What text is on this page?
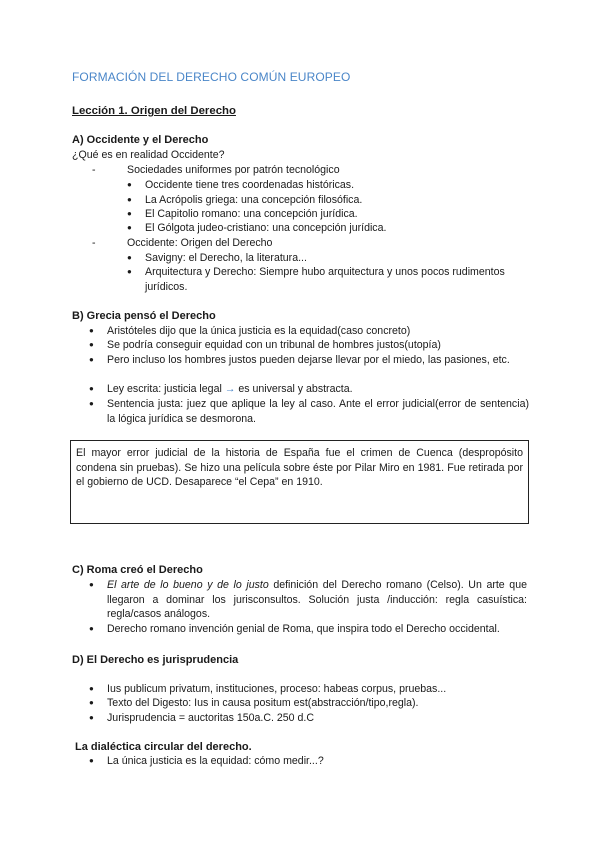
FORMACIÓN DEL DERECHO COMÚN EUROPEO
Lección 1. Origen del Derecho
A) Occidente y el Derecho
¿Qué es en realidad Occidente?
-	Sociedades uniformes por patrón tecnológico
●	Occidente tiene tres coordenadas históricas.
●	La Acrópolis griega: una concepción filosófica.
●	El Capitolio romano: una concepción jurídica.
●	El Gólgota judeo-cristiano: una concepción jurídica.
-	Occidente: Origen del Derecho
●	Savigny: el Derecho, la literatura...
●	Arquitectura y Derecho: Siempre hubo arquitectura y unos pocos rudimentos jurídicos.
B) Grecia pensó el Derecho
●	Aristóteles dijo que la única justicia es la equidad(caso concreto)
●	Se podría conseguir equidad con un tribunal de hombres justos(utopía)
●	Pero incluso los hombres justos pueden dejarse llevar por el miedo, las pasiones, etc.
●	Ley escrita: justicia legal → es universal y abstracta.
●	Sentencia justa: juez que aplique la ley al caso. Ante el error judicial(error de sentencia) la lógica jurídica se desmorona.
El mayor error judicial de la historia de España fue el crimen de Cuenca (despropósito condena sin pruebas). Se hizo una película sobre éste por Pilar Miro en 1981. Fue retirada por el gobierno de UCD. Desaparece “el Cepa” en 1910.
C) Roma creó el Derecho
●	El arte de lo bueno y de lo justo definición del Derecho romano (Celso). Un arte que llegaron a dominar los jurisconsultos. Solución justa /inducción: regla casuística: regla/casos análogos.
●	Derecho romano invención genial de Roma, que inspira todo el Derecho occidental.
D) El Derecho es jurisprudencia
●	Ius publicum privatum, instituciones, proceso: habeas corpus, pruebas...
●	Texto del Digesto: Ius in causa positum est(abstracción/tipo,regla).
●	Jurisprudencia = auctoritas 150a.C. 250 d.C
La dialéctica circular del derecho.
●	La única justicia es la equidad: cómo medir...?
